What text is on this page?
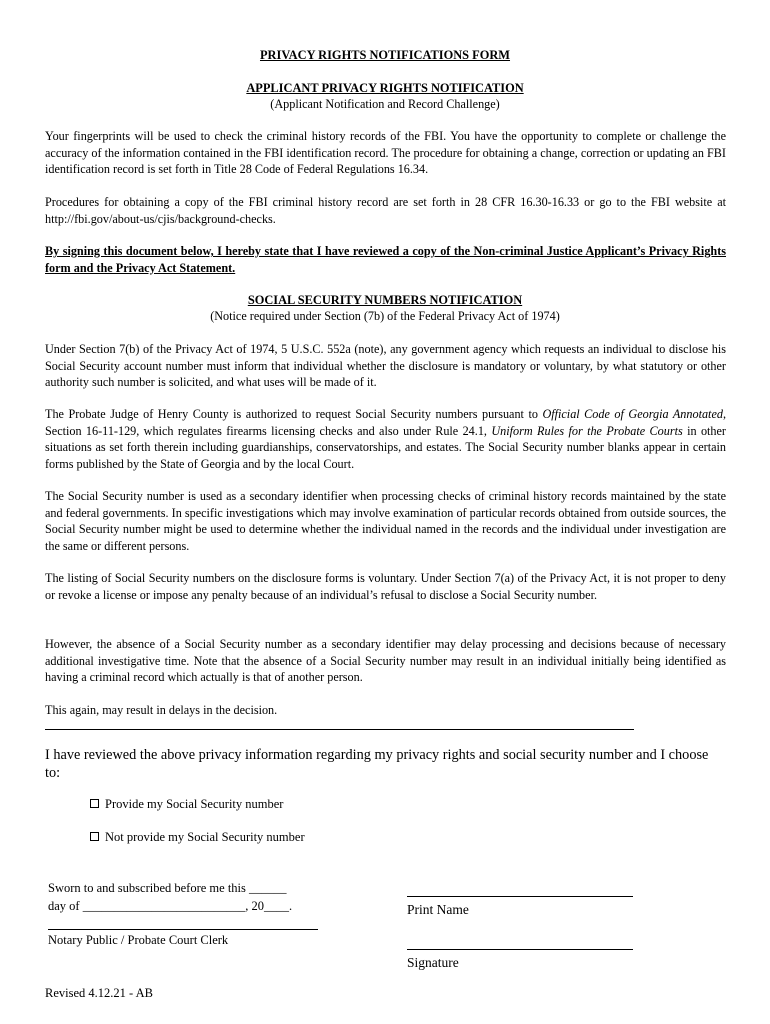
PRIVACY RIGHTS NOTIFICATIONS FORM
APPLICANT PRIVACY RIGHTS NOTIFICATION
(Applicant Notification and Record Challenge)
Your fingerprints will be used to check the criminal history records of the FBI. You have the opportunity to complete or challenge the accuracy of the information contained in the FBI identification record. The procedure for obtaining a change, correction or updating an FBI identification record is set forth in Title 28 Code of Federal Regulations 16.34.
Procedures for obtaining a copy of the FBI criminal history record are set forth in 28 CFR 16.30-16.33 or go to the FBI website at http://fbi.gov/about-us/cjis/background-checks.
By signing this document below, I hereby state that I have reviewed a copy of the Non-criminal Justice Applicant’s Privacy Rights form and the Privacy Act Statement.
SOCIAL SECURITY NUMBERS NOTIFICATION
(Notice required under Section (7b) of the Federal Privacy Act of 1974)
Under Section 7(b) of the Privacy Act of 1974, 5 U.S.C. 552a (note), any government agency which requests an individual to disclose his Social Security account number must inform that individual whether the disclosure is mandatory or voluntary, by what statutory or other authority such number is solicited, and what uses will be made of it.
The Probate Judge of Henry County is authorized to request Social Security numbers pursuant to Official Code of Georgia Annotated, Section 16-11-129, which regulates firearms licensing checks and also under Rule 24.1, Uniform Rules for the Probate Courts in other situations as set forth therein including guardianships, conservatorships, and estates. The Social Security number blanks appear in certain forms published by the State of Georgia and by the local Court.
The Social Security number is used as a secondary identifier when processing checks of criminal history records maintained by the state and federal governments. In specific investigations which may involve examination of particular records obtained from outside sources, the Social Security number might be used to determine whether the individual named in the records and the individual under investigation are the same or different persons.
The listing of Social Security numbers on the disclosure forms is voluntary. Under Section 7(a) of the Privacy Act, it is not proper to deny or revoke a license or impose any penalty because of an individual’s refusal to disclose a Social Security number.
However, the absence of a Social Security number as a secondary identifier may delay processing and decisions because of necessary additional investigative time. Note that the absence of a Social Security number may result in an individual initially being identified as having a criminal record which actually is that of another person.
This again, may result in delays in the decision.
I have reviewed the above privacy information regarding my privacy rights and social security number and I choose to:
Provide my Social Security number
Not provide my Social Security number
Sworn to and subscribed before me this ______
day of __________________________, 20____.
Notary Public / Probate Court Clerk
Print Name
Signature
Revised 4.12.21 - AB
